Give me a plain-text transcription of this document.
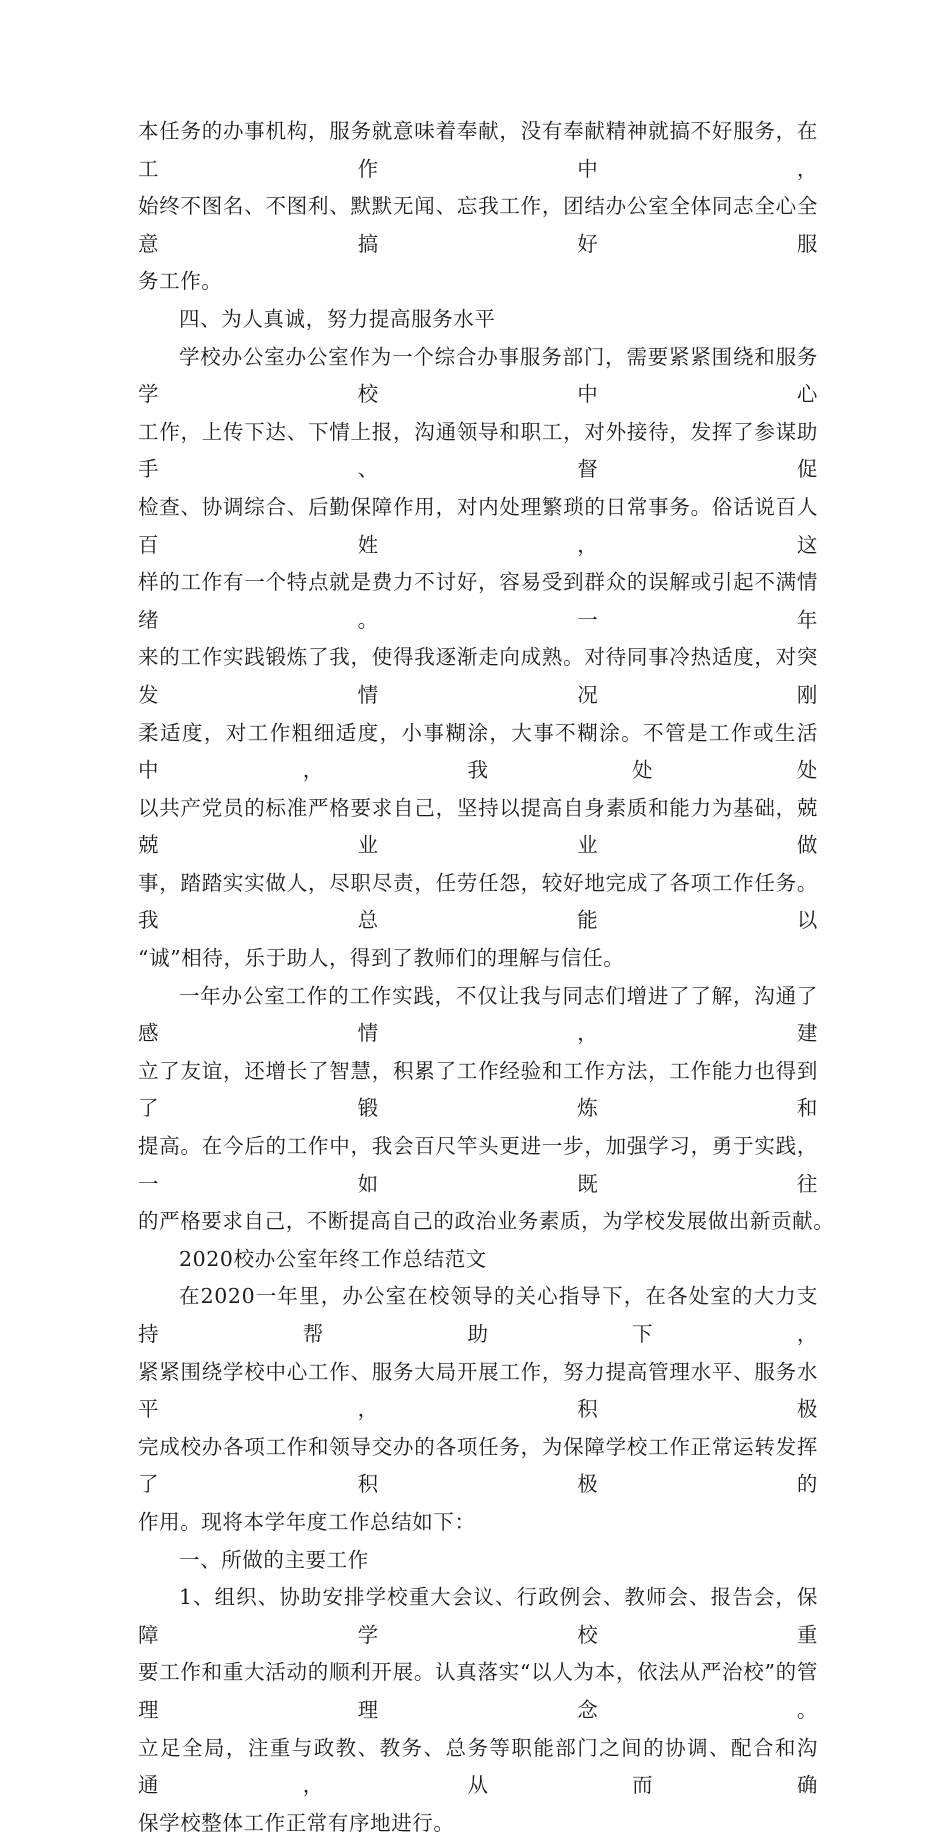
本任务的办事机构，服务就意味着奉献，没有奉献精神就搞不好服务，在工作中，
始终不图名、不图利、默默无闻、忘我工作，团结办公室全体同志全心全意搞好服
务工作。
四、为人真诚，努力提高服务水平
学校办公室办公室作为一个综合办事服务部门，需要紧紧围绕和服务学校中心
工作，上传下达、下情上报，沟通领导和职工，对外接待，发挥了参谋助手、督促
检查、协调综合、后勤保障作用，对内处理繁琐的日常事务。俗话说百人百姓，这
样的工作有一个特点就是费力不讨好，容易受到群众的误解或引起不满情绪。一年
来的工作实践锻炼了我，使得我逐渐走向成熟。对待同事冷热适度，对突发情况刚
柔适度，对工作粗细适度，小事糊涂，大事不糊涂。不管是工作或生活中，我处处
以共产党员的标准严格要求自己，坚持以提高自身素质和能力为基础，兢兢业业做
事，踏踏实实做人，尽职尽责，任劳任怨，较好地完成了各项工作任务。我总能以
“诚”相待，乐于助人，得到了教师们的理解与信任。
一年办公室工作的工作实践，不仅让我与同志们增进了了解，沟通了感情，建
立了友谊，还增长了智慧，积累了工作经验和工作方法，工作能力也得到了锻炼和
提高。在今后的工作中，我会百尺竿头更进一步，加强学习，勇于实践，一如既往
的严格要求自己，不断提高自己的政治业务素质，为学校发展做出新贡献。
2020校办公室年终工作总结范文
在2020一年里，办公室在校领导的关心指导下，在各处室的大力支持帮助下，
紧紧围绕学校中心工作、服务大局开展工作，努力提高管理水平、服务水平，积极
完成校办各项工作和领导交办的各项任务，为保障学校工作正常运转发挥了积极的
作用。现将本学年度工作总结如下：
一、所做的主要工作
1、组织、协助安排学校重大会议、行政例会、教师会、报告会，保障学校重
要工作和重大活动的顺利开展。认真落实“以人为本，依法从严治校”的管理理念。
立足全局，注重与政教、教务、总务等职能部门之间的协调、配合和沟通，从而确
保学校整体工作正常有序地进行。
